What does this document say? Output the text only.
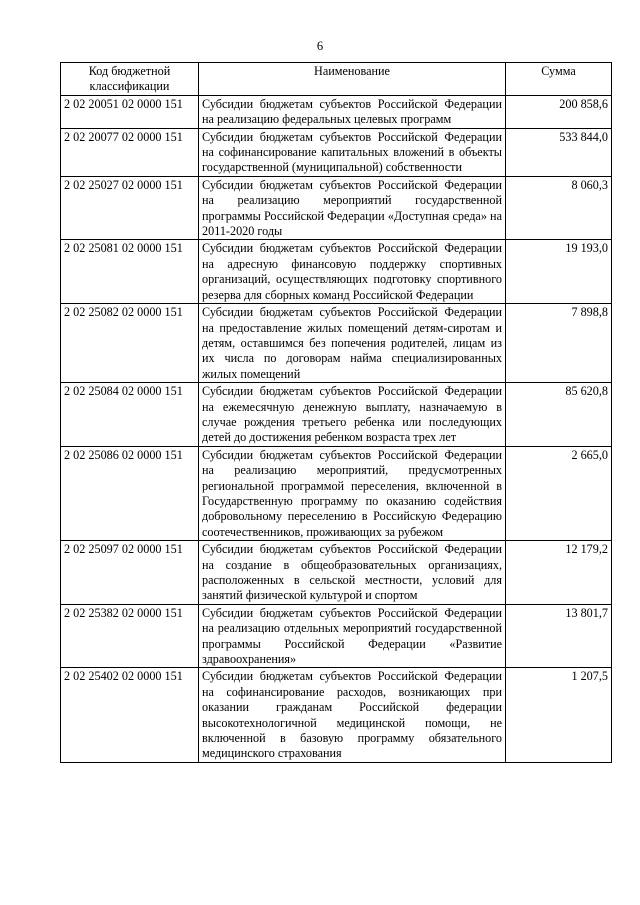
6
Код бюджетной классификации	Наименование	Сумма
2 02 20051 02 0000 151	Субсидии бюджетам субъектов Российской Федерации на реализацию федеральных целевых программ	200 858,6
2 02 20077 02 0000 151	Субсидии бюджетам субъектов Российской Федерации на софинансирование капитальных вложений в объекты государственной (муниципальной) собственности	533 844,0
2 02 25027 02 0000 151	Субсидии бюджетам субъектов Российской Федерации на реализацию мероприятий государственной программы Российской Федерации «Доступная среда» на 2011-2020 годы	8 060,3
2 02 25081 02 0000 151	Субсидии бюджетам субъектов Российской Федерации на адресную финансовую поддержку спортивных организаций, осуществляющих подготовку спортивного резерва для сборных команд Российской Федерации	19 193,0
2 02 25082 02 0000 151	Субсидии бюджетам субъектов Российской Федерации на предоставление жилых помещений детям-сиротам и детям, оставшимся без попечения родителей, лицам из их числа по договорам найма специализированных жилых помещений	7 898,8
2 02 25084 02 0000 151	Субсидии бюджетам субъектов Российской Федерации на ежемесячную денежную выплату, назначаемую в случае рождения третьего ребенка или последующих детей до достижения ребенком возраста трех лет	85 620,8
2 02 25086 02 0000 151	Субсидии бюджетам субъектов Российской Федерации на реализацию мероприятий, предусмотренных региональной программой переселения, включенной в Государственную программу по оказанию содействия добровольному переселению в Российскую Федерацию соотечественников, проживающих за рубежом	2 665,0
2 02 25097 02 0000 151	Субсидии бюджетам субъектов Российской Федерации на создание в общеобразовательных организациях, расположенных в сельской местности, условий для занятий физической культурой и спортом	12 179,2
2 02 25382 02 0000 151	Субсидии бюджетам субъектов Российской Федерации на реализацию отдельных мероприятий государственной программы Российской Федерации «Развитие здравоохранения»	13 801,7
2 02 25402 02 0000 151	Субсидии бюджетам субъектов Российской Федерации на софинансирование расходов, возникающих при оказании гражданам Российской федерации высокотехнологичной медицинской помощи, не включенной в базовую программу обязательного медицинского страхования	1 207,5
